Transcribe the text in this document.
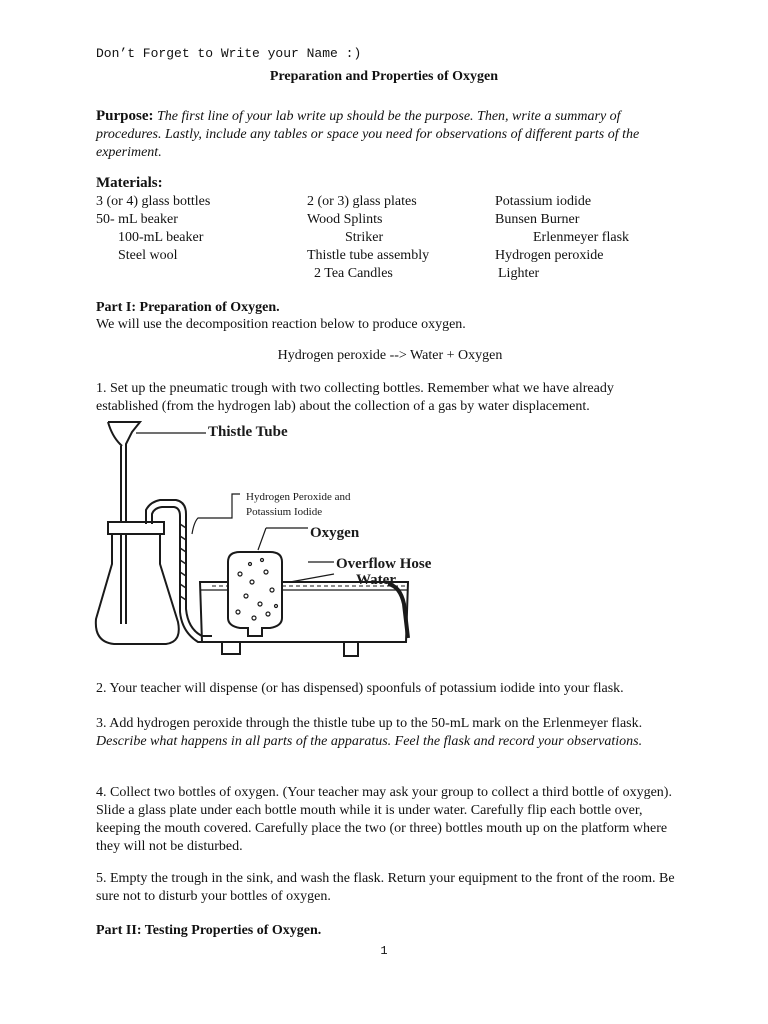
Don’t Forget to Write your Name :)
Preparation and Properties of Oxygen
Purpose: The first line of your lab write up should be the purpose. Then, write a summary of procedures. Lastly, include any tables or space you need for observations of different parts of the experiment.
Materials:
3 (or 4) glass bottles
50- mL beaker
100-mL beaker
Steel wool
2 (or 3) glass plates
Wood Splints
Striker
Thistle tube assembly
2 Tea Candles
Potassium iodide
Bunsen Burner
Erlenmeyer flask
Hydrogen peroxide
Lighter
Part I: Preparation of Oxygen.
We will use the decomposition reaction below to produce oxygen.
Hydrogen peroxide --> Water + Oxygen
1. Set up the pneumatic trough with two collecting bottles. Remember what we have already established (from the hydrogen lab) about the collection of a gas by water displacement.
Thistle Tube
Hydrogen Peroxide and
Potassium Iodide
Oxygen
Overflow Hose
Water
2. Your teacher will dispense (or has dispensed) spoonfuls of potassium iodide into your flask.
3. Add hydrogen peroxide through the thistle tube up to the 50-mL mark on the Erlenmeyer flask. Describe what happens in all parts of the apparatus. Feel the flask and record your observations.
4. Collect two bottles of oxygen. (Your teacher may ask your group to collect a third bottle of oxygen). Slide a glass plate under each bottle mouth while it is under water. Carefully flip each bottle over, keeping the mouth covered. Carefully place the two (or three) bottles mouth up on the platform where they will not be disturbed.
5. Empty the trough in the sink, and wash the flask. Return your equipment to the front of the room. Be sure not to disturb your bottles of oxygen.
Part II: Testing Properties of Oxygen.
1
